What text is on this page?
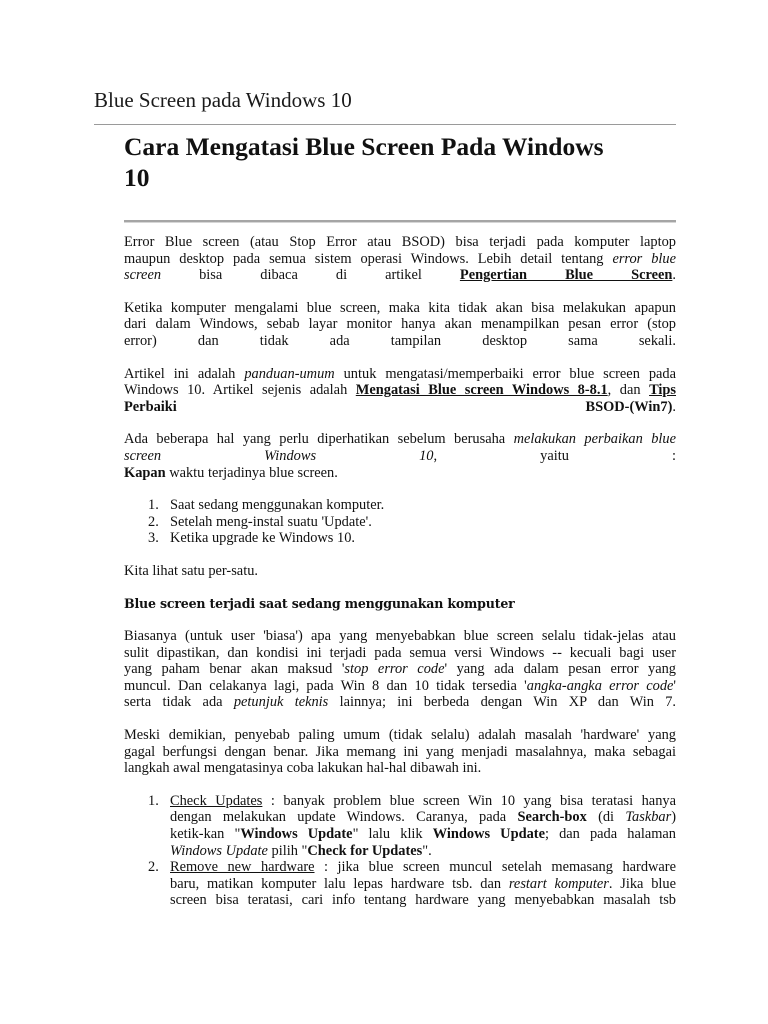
Blue Screen pada Windows 10
Cara Mengatasi Blue Screen Pada Windows
10
Error Blue screen (atau Stop Error atau BSOD) bisa terjadi pada komputer laptop
maupun desktop pada semua sistem operasi Windows. Lebih detail tentang error blue
screen	bisa	dibaca	di	artikel	Pengertian Blue Screen.
Ketika komputer mengalami blue screen, maka kita tidak akan bisa melakukan apapun
dari dalam Windows, sebab layar monitor hanya akan menampilkan pesan error (stop
error) dan tidak ada tampilan desktop sama sekali.
Artikel ini adalah panduan-umum untuk mengatasi/memperbaiki error blue screen pada
Windows 10. Artikel sejenis adalah Mengatasi Blue screen Windows 8-8.1, dan Tips
Perbaiki	BSOD-(Win7).
Ada beberapa hal yang perlu diperhatikan sebelum berusaha melakukan perbaikan blue
screen	Windows	10,	yaitu	:
Kapan waktu terjadinya blue screen.
1. Saat sedang menggunakan komputer.
2. Setelah meng-instal suatu 'Update'.
3. Ketika upgrade ke Windows 10.
Kita lihat satu per-satu.
Blue screen terjadi saat sedang menggunakan komputer
Biasanya (untuk user 'biasa') apa yang menyebabkan blue screen selalu tidak-jelas atau
sulit dipastikan, dan kondisi ini terjadi pada semua versi Windows -- kecuali bagi user
yang paham benar akan maksud 'stop error code' yang ada dalam pesan error yang
muncul. Dan celakanya lagi, pada Win 8 dan 10 tidak tersedia 'angka-angka error code'
serta tidak ada petunjuk teknis lainnya; ini berbeda dengan Win XP dan Win 7.
Meski demikian, penyebab paling umum (tidak selalu) adalah masalah 'hardware' yang
gagal berfungsi dengan benar. Jika memang ini yang menjadi masalahnya, maka sebagai
langkah awal mengatasinya coba lakukan hal-hal dibawah ini.
1. Check Updates : banyak problem blue screen Win 10 yang bisa teratasi hanya
dengan melakukan update Windows. Caranya, pada Search-box (di Taskbar)
ketik-kan "Windows Update" lalu klik Windows Update; dan pada halaman
Windows Update pilih "Check for Updates".
2. Remove new hardware : jika blue screen muncul setelah memasang hardware
baru, matikan komputer lalu lepas hardware tsb. dan restart komputer. Jika blue
screen bisa teratasi, cari info tentang hardware yang menyebabkan masalah tsb
